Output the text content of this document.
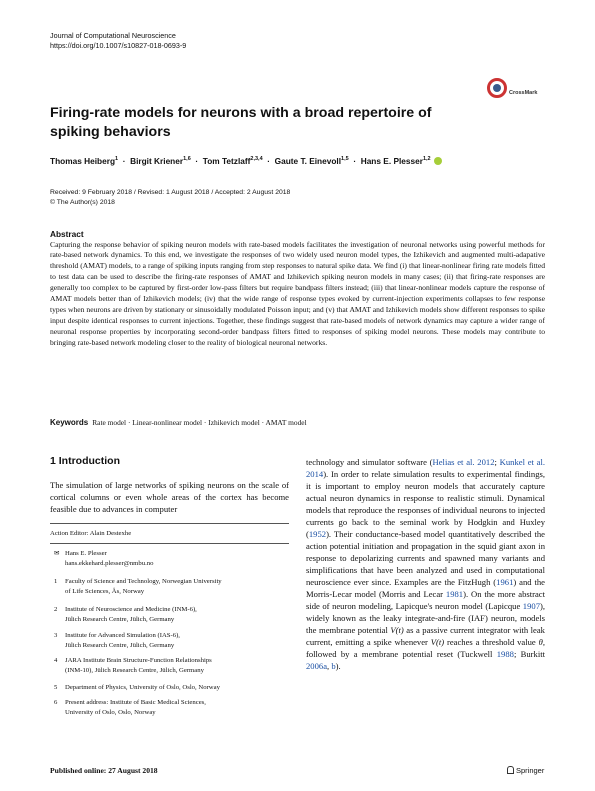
Journal of Computational Neuroscience
https://doi.org/10.1007/s10827-018-0693-9
CrossMark
Firing-rate models for neurons with a broad repertoire of spiking behaviors
Thomas Heiberg$^1$  ·  Birgit Kriener$^{1,6}$  ·  Tom Tetzlaff$^{2,3,4}$  ·  Gaute T. Einevoll$^{1,5}$  ·  Hans E. Plesser$^{1,2}$
Received: 9 February 2018 / Revised: 1 August 2018 / Accepted: 2 August 2018
© The Author(s) 2018
Abstract
Capturing the response behavior of spiking neuron models with rate-based models facilitates the investigation of neuronal networks using powerful methods for rate-based network dynamics. To this end, we investigate the responses of two widely used neuron model types, the Izhikevich and augmented multi-adapative threshold (AMAT) models, to a range of spiking inputs ranging from step responses to natural spike data. We find (i) that linear-nonlinear firing rate models fitted to test data can be used to describe the firing-rate responses of AMAT and Izhikevich spiking neuron models in many cases; (ii) that firing-rate responses are generally too complex to be captured by first-order low-pass filters but require bandpass filters instead; (iii) that linear-nonlinear models capture the response of AMAT models better than of Izhikevich models; (iv) that the wide range of response types evoked by current-injection experiments collapses to few response types when neurons are driven by stationary or sinusoidally modulated Poisson input; and (v) that AMAT and Izhikevich models show different responses to spike input despite identical responses to current injections. Together, these findings suggest that rate-based models of network dynamics may capture a wider range of neuronal response properties by incorporating second-order bandpass filters fitted to responses of spiking model neurons. These models may contribute to bringing rate-based network modeling closer to the reality of biological neuronal networks.
Keywords Rate model · Linear-nonlinear model · Izhikevich model · AMAT model
1 Introduction
The simulation of large networks of spiking neurons on the scale of cortical columns or even whole areas of the cortex has become feasible due to advances in computer
Action Editor: Alain Destexhe
✉ Hans E. Plesser
hans.ekkehard.plesser@nmbu.no
1 Faculty of Science and Technology, Norwegian University
of Life Sciences, Ås, Norway
2 Institute of Neuroscience and Medicine (INM-6),
Jülich Research Centre, Jülich, Germany
3 Institute for Advanced Simulation (IAS-6),
Jülich Research Centre, Jülich, Germany
4 JARA Institute Brain Structure-Function Relationships
(INM-10), Jülich Research Centre, Jülich, Germany
5 Department of Physics, University of Oslo, Oslo, Norway
6 Present address: Institute of Basic Medical Sciences,
University of Oslo, Oslo, Norway
technology and simulator software (Helias et al. 2012; Kunkel et al. 2014). In order to relate simulation results to experimental findings, it is important to employ neuron models that accurately capture actual neuron dynamics in response to realistic stimuli. Dynamical models that reproduce the responses of individual neurons to injected currents go back to the seminal work by Hodgkin and Huxley (1952). Their conductance-based model quantitatively described the action potential initiation and propagation in the squid giant axon in response to depolarizing currents and spawned many variants and simplifications that have been analyzed and used in computational neuroscience ever since. Examples are the FitzHugh (1961) and the Morris-Lecar model (Morris and Lecar 1981). On the more abstract side of neuron modeling, Lapicque's neuron model (Lapicque 1907), widely known as the leaky integrate-and-fire (IAF) neuron, models the membrane potential V(t) as a passive current integrator with leak current, emitting a spike whenever V(t) reaches a threshold value θ, followed by a membrane potential reset (Tuckwell 1988; Burkitt 2006a, b).
Published online: 27 August 2018	Springer
